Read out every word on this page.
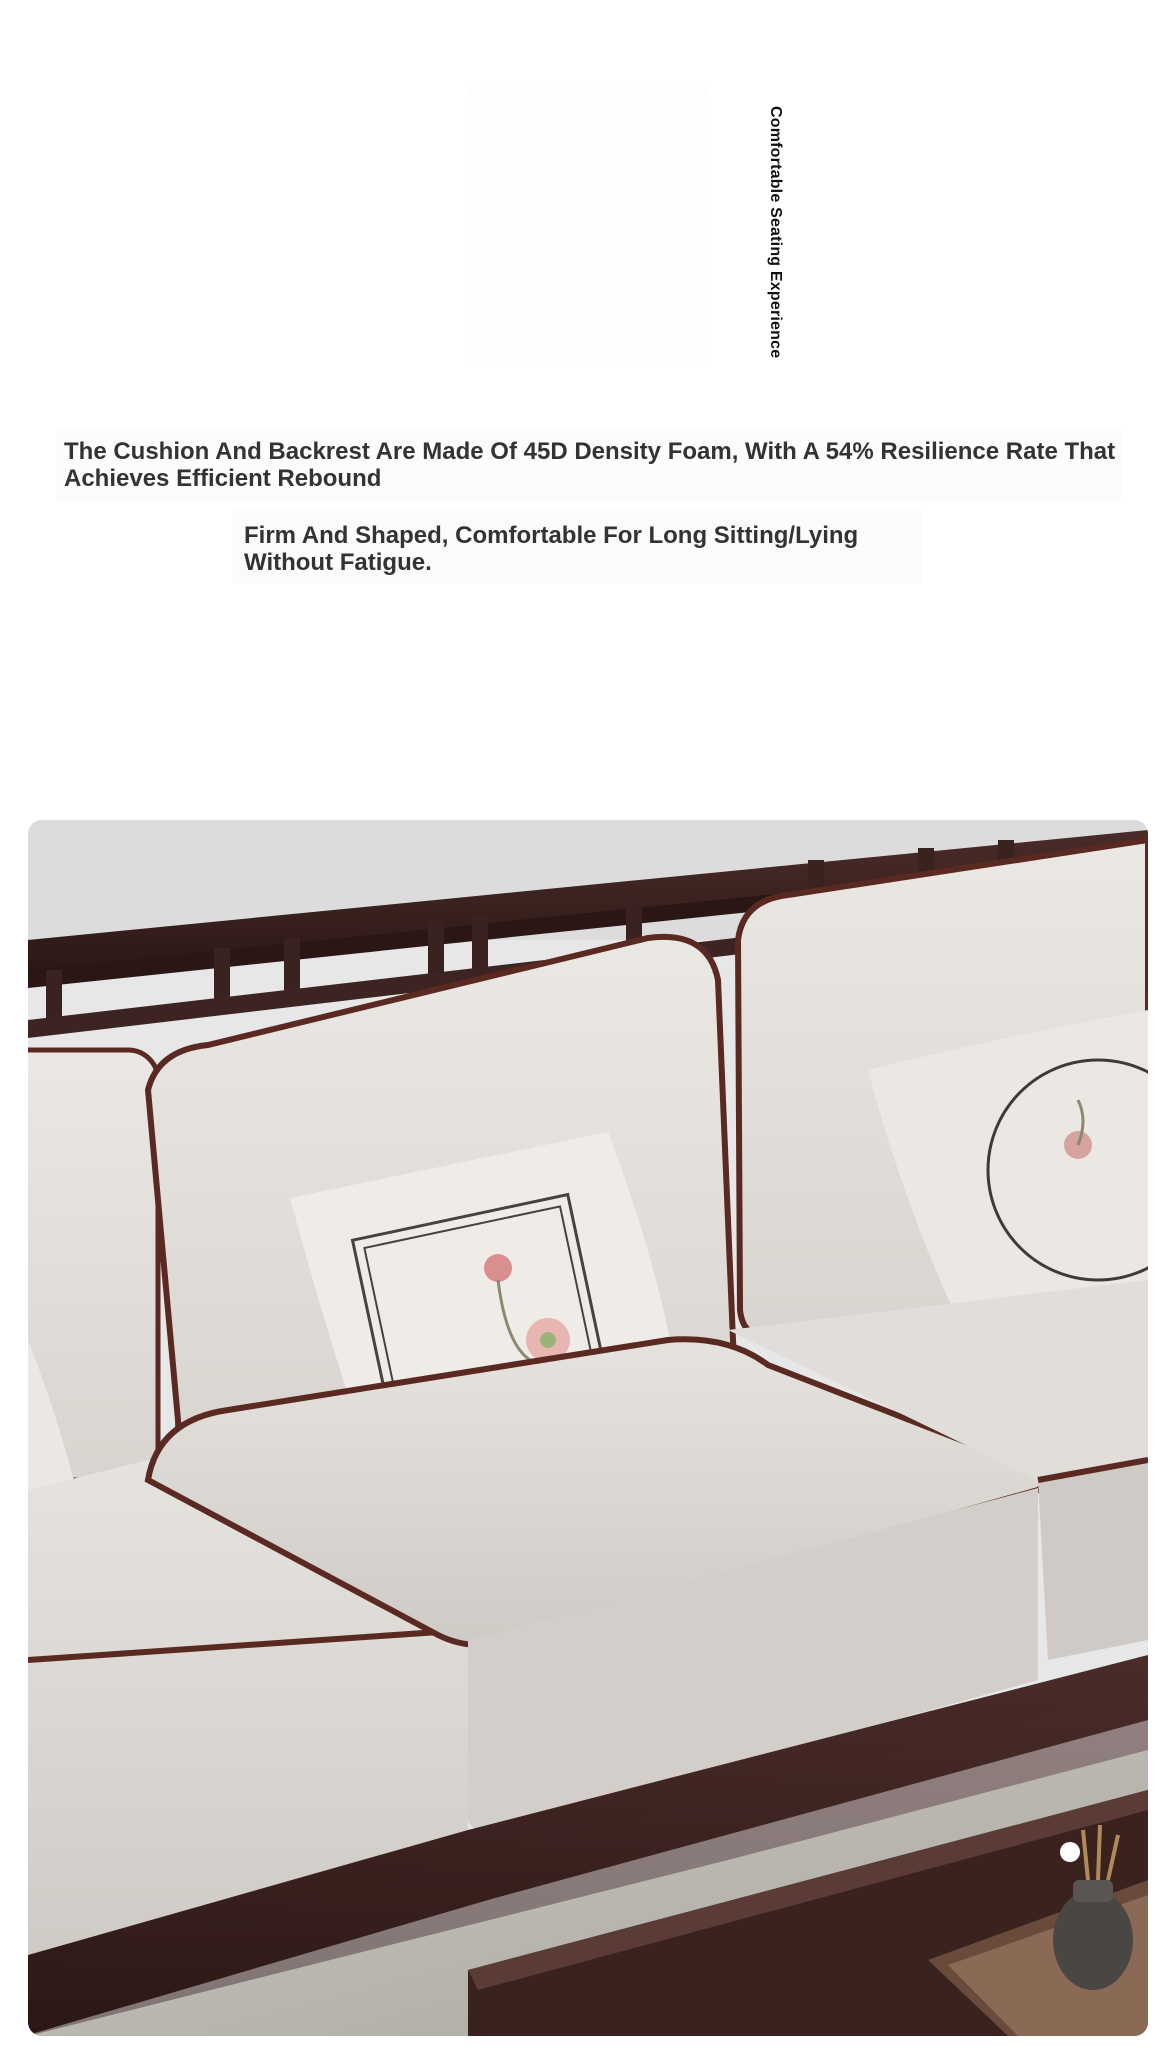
Comfortable Seating Experience
The Cushion And Backrest Are Made Of 45D Density Foam, With A 54% Resilience Rate That Achieves Efficient Rebound
Firm And Shaped, Comfortable For Long Sitting/Lying Without Fatigue.
